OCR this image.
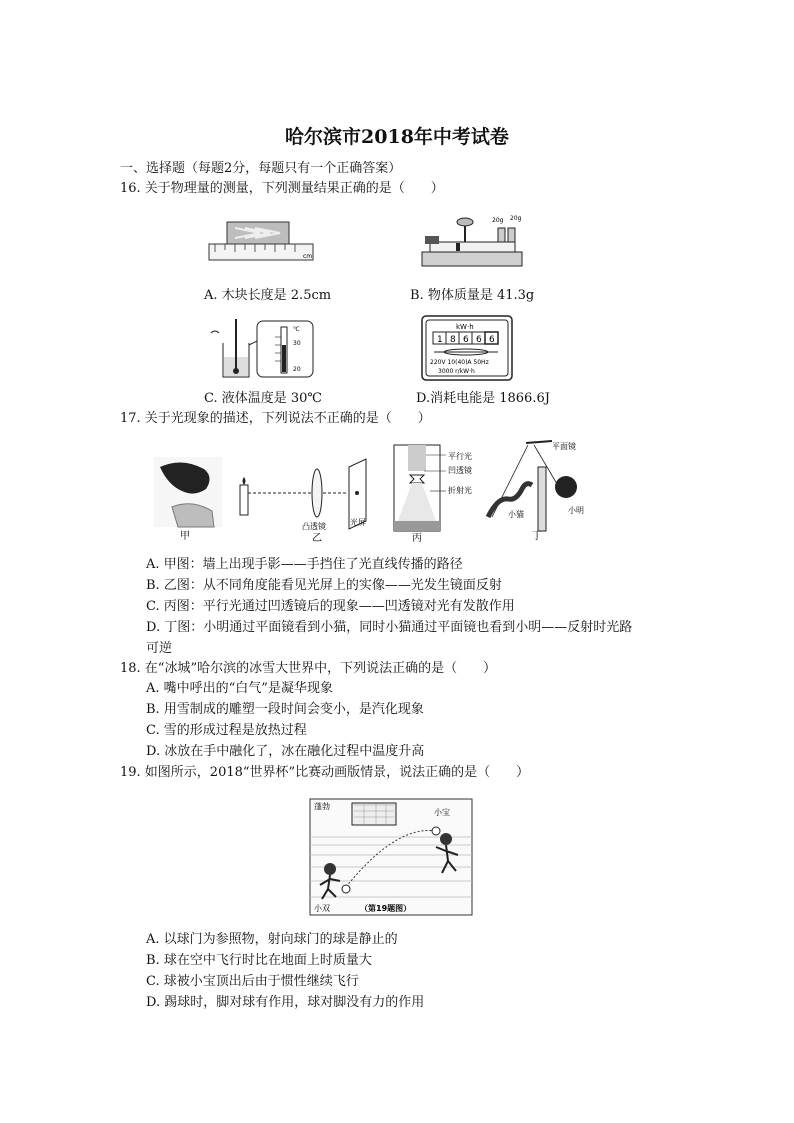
哈尔滨市2018年中考试卷
一、选择题（每题2分，每题只有一个正确答案）
16. 关于物理量的测量，下列测量结果正确的是（　　）
cm
20g 20g
A. 木块长度是 2.5cm	B. 物体质量是 41.3g
℃
30
20
kW·h
1 8 6 6 6
220V 10(40)A 50Hz
3000 r/kW·h
C. 液体温度是 30℃	D.消耗电能是 1866.6J
17. 关于光现象的描述，下列说法不正确的是（　　）
甲
凸透镜	光屏
乙
平行光
凹透镜
折射光
丙
平面镜
小猫	小明
丁
A. 甲图：墙上出现手影——手挡住了光直线传播的路径
B. 乙图：从不同角度能看见光屏上的实像——光发生镜面反射
C. 丙图：平行光通过凹透镜后的现象——凹透镜对光有发散作用
D. 丁图：小明通过平面镜看到小猫，同时小猫通过平面镜也看到小明——反射时光路
可逆
18. 在“冰城”哈尔滨的冰雪大世界中，下列说法正确的是（　　）
A. 嘴中呼出的“白气”是凝华现象
B. 用雪制成的雕塑一段时间会变小，是汽化现象
C. 雪的形成过程是放热过程
D. 冰放在手中融化了，冰在融化过程中温度升高
19. 如图所示，2018“世界杯”比赛动画版情景，说法正确的是（　　）
蓬勃
小宝
小双	（第19题图）
A. 以球门为参照物，射向球门的球是静止的
B. 球在空中飞行时比在地面上时质量大
C. 球被小宝顶出后由于惯性继续飞行
D. 踢球时，脚对球有作用，球对脚没有力的作用
